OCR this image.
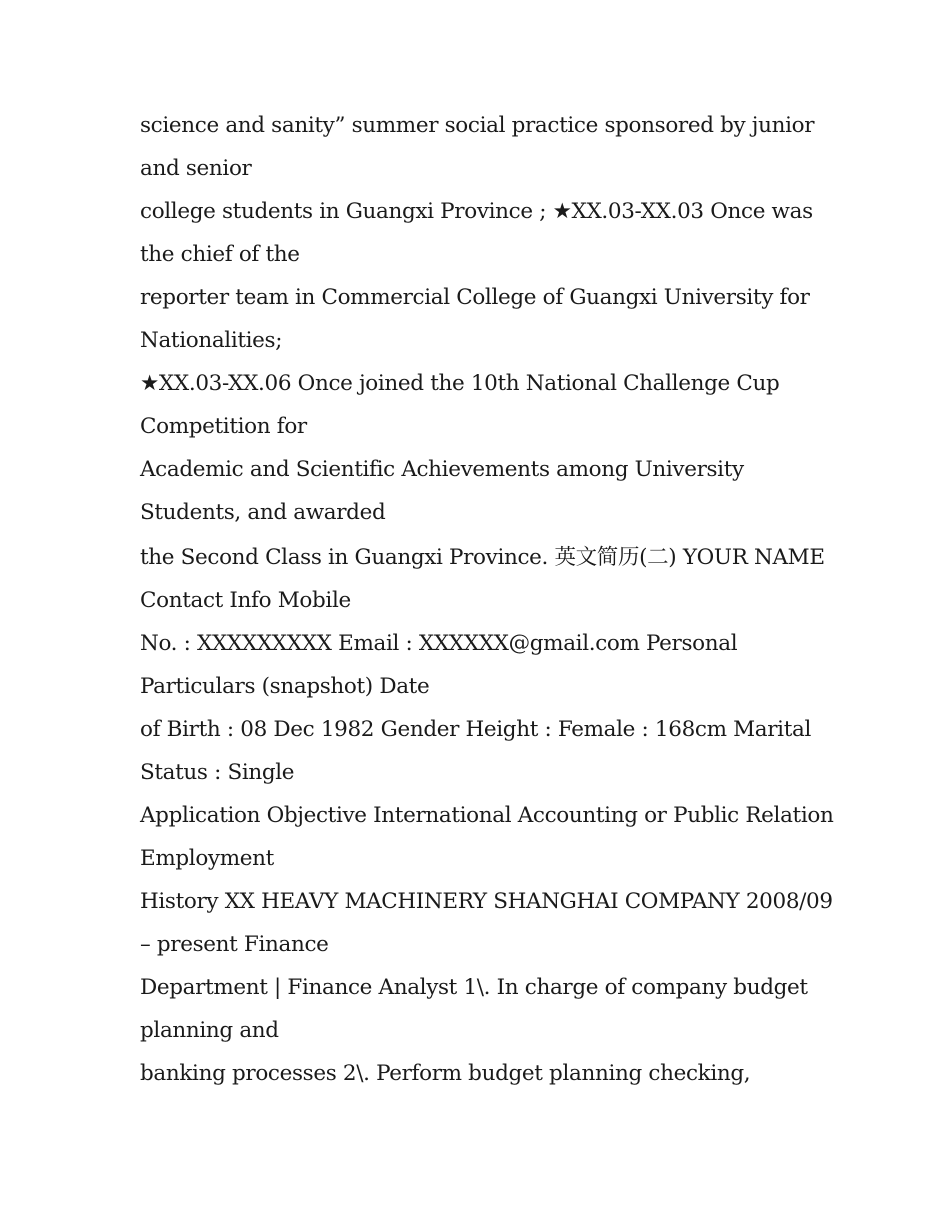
science and sanity” summer social practice sponsored by junior
and senior
college students in Guangxi Province ; ★XX.03-XX.03 Once was
the chief of the
reporter team in Commercial College of Guangxi University for
Nationalities;
★XX.03-XX.06 Once joined the 10th National Challenge Cup
Competition for
Academic and Scientific Achievements among University
Students, and awarded

the Second Class in Guangxi Province. 英文简历(二) YOUR NAME
Contact Info Mobile
No. : XXXXXXXXX Email : XXXXXX@gmail.com Personal
Particulars (snapshot) Date
of Birth : 08 Dec 1982 Gender Height : Female : 168cm Marital
Status : Single
Application Objective International Accounting or Public Relation
Employment
History XX HEAVY MACHINERY SHANGHAI COMPANY 2008/09
– present Finance
Department | Finance Analyst 1\. In charge of company budget
planning and
banking processes 2\. Perform budget planning checking,
